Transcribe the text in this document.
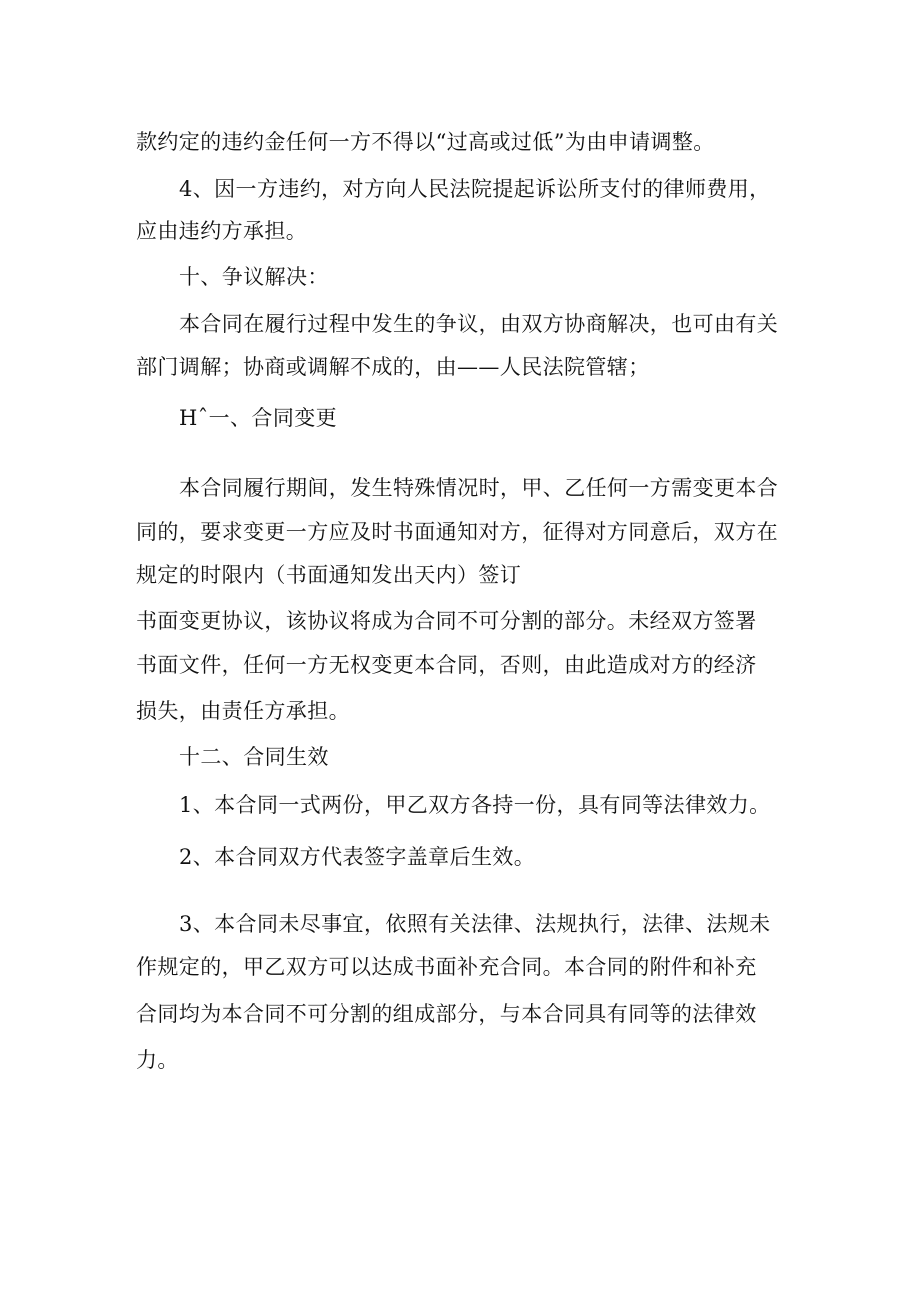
款约定的违约金任何一方不得以“过高或过低”为由申请调整。
4、因一方违约，对方向人民法院提起诉讼所支付的律师费用，
应由违约方承担。
十、争议解决：
本合同在履行过程中发生的争议，由双方协商解决，也可由有关
部门调解；协商或调解不成的，由——人民法院管辖；
Hˆ一、合同变更
本合同履行期间，发生特殊情况时，甲、乙任何一方需变更本合
同的，要求变更一方应及时书面通知对方，征得对方同意后，双方在
规定的时限内（书面通知发出天内）签订
书面变更协议，该协议将成为合同不可分割的部分。未经双方签署
书面文件，任何一方无权变更本合同，否则，由此造成对方的经济
损失，由责任方承担。
十二、合同生效
1、本合同一式两份，甲乙双方各持一份，具有同等法律效力。
2、本合同双方代表签字盖章后生效。
3、本合同未尽事宜，依照有关法律、法规执行，法律、法规未
作规定的，甲乙双方可以达成书面补充合同。本合同的附件和补充
合同均为本合同不可分割的组成部分，与本合同具有同等的法律效
力。
